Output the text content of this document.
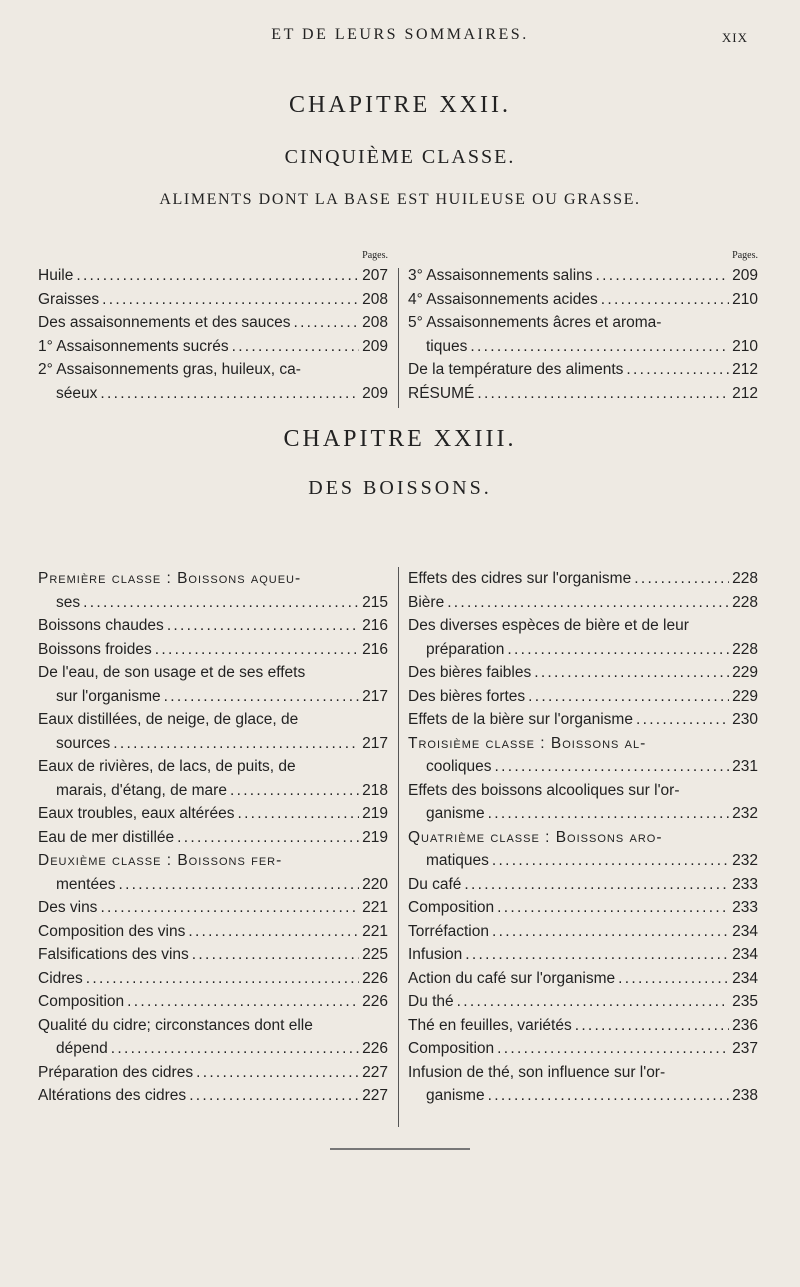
ET DE LEURS SOMMAIRES.	XIX
CHAPITRE XXII.
CINQUIÈME CLASSE.
ALIMENTS DONT LA BASE EST HUILEUSE OU GRASSE.
Pages.
Huile . . .	207
Graisses . . .	208
Des assaisonnements et des sauces . . .	208
1° Assaisonnements sucrés . . .	209
2° Assaisonnements gras, huileux, ca-
séeux . . .	209
Pages.
3° Assaisonnements salins . . .	209
4° Assaisonnements acides . . .	210
5° Assaisonnements âcres et aroma-
tiques . . .	210
De la température des aliments . . .	212
RÉSUMÉ . . .	212
CHAPITRE XXIII.
DES BOISSONS.
Première classe : Boissons aqueu-
ses . . .	215
Boissons chaudes . . .	216
Boissons froides . . .	216
De l'eau, de son usage et de ses effets
sur l'organisme . . .	217
Eaux distillées, de neige, de glace, de
sources . . .	217
Eaux de rivières, de lacs, de puits, de
marais, d'étang, de mare . . .	218
Eaux troubles, eaux altérées . . .	219
Eau de mer distillée . . .	219
Deuxième classe : Boissons fer-
mentées . . .	220
Des vins . . .	221
Composition des vins . . .	221
Falsifications des vins . . .	225
Cidres . . .	226
Composition . . .	226
Qualité du cidre; circonstances dont elle
dépend . . .	226
Préparation des cidres . . .	227
Altérations des cidres . . .	227
Effets des cidres sur l'organisme . . .	228
Bière . . .	228
Des diverses espèces de bière et de leur
préparation . . .	228
Des bières faibles . . .	229
Des bières fortes . . .	229
Effets de la bière sur l'organisme . . .	230
Troisième classe : Boissons al-
cooliques . . .	231
Effets des boissons alcooliques sur l'or-
ganisme . . .	232
Quatrième classe : Boissons aro-
matiques . . .	232
Du café . . .	233
Composition . . .	233
Torréfaction . . .	234
Infusion . . .	234
Action du café sur l'organisme . . .	234
Du thé . . .	235
Thé en feuilles, variétés . . .	236
Composition . . .	237
Infusion de thé, son influence sur l'or-
ganisme . . .	238
